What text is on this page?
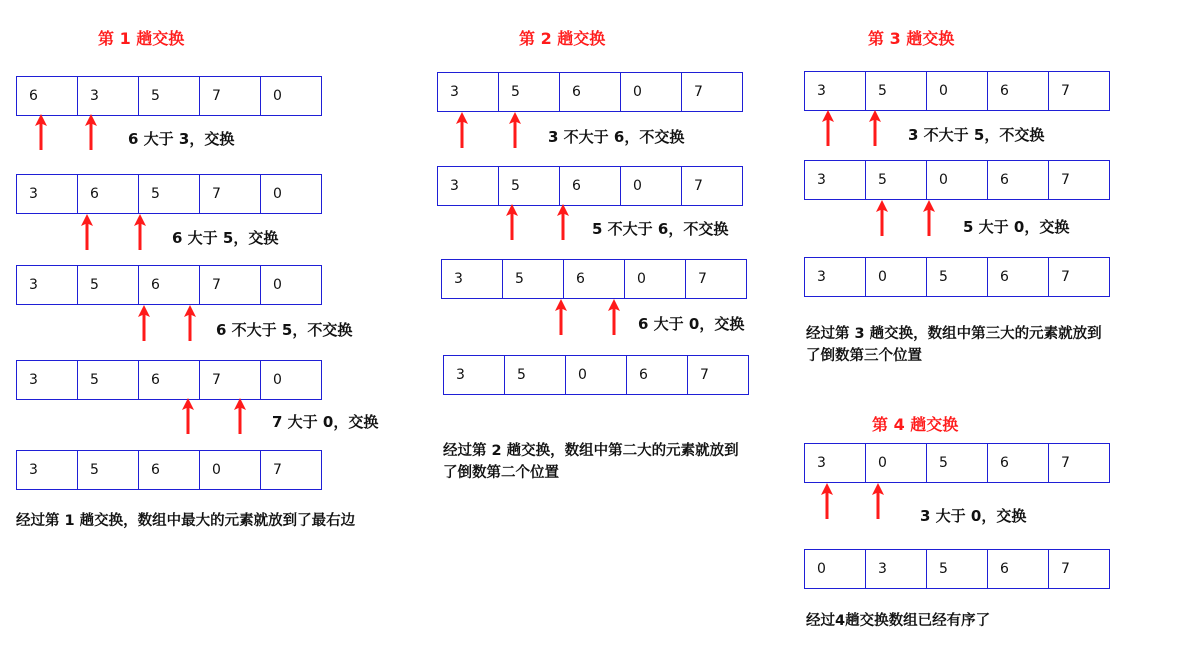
第 1 趟交换
6	3	5	7	0
6 大于 3，交换
3	6	5	7	0
6 大于 5，交换
3	5	6	7	0
6 不大于 5，不交换
3	5	6	7	0
7 大于 0，交换
3	5	6	0	7
经过第 1 趟交换，数组中最大的元素就放到了最右边
第 2 趟交换
3	5	6	0	7
3 不大于 6，不交换
3	5	6	0	7
5 不大于 6，不交换
3	5	6	0	7
6 大于 0，交换
3	5	0	6	7
经过第 2 趟交换，数组中第二大的元素就放到
了倒数第二个位置
第 3 趟交换
3	5	0	6	7
3 不大于 5，不交换
3	5	0	6	7
5 大于 0，交换
3	0	5	6	7
经过第 3 趟交换，数组中第三大的元素就放到
了倒数第三个位置
第 4 趟交换
3	0	5	6	7
3 大于 0，交换
0	3	5	6	7
经过4趟交换数组已经有序了
